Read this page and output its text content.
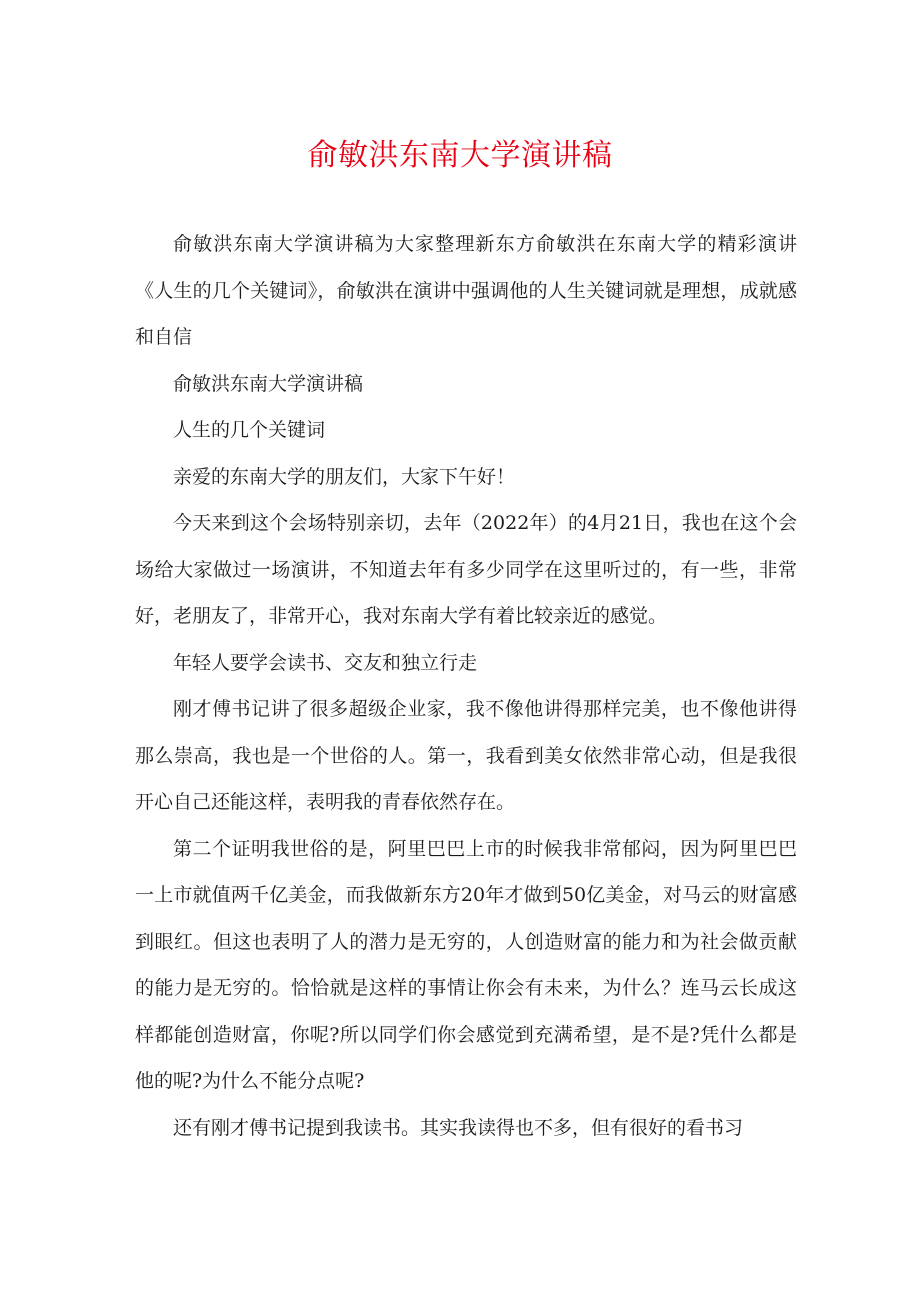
俞敏洪东南大学演讲稿

俞敏洪东南大学演讲稿为大家整理新东方俞敏洪在东南大学的精彩演讲《人生的几个关键词》，俞敏洪在演讲中强调他的人生关键词就是理想，成就感和自信

俞敏洪东南大学演讲稿

人生的几个关键词

亲爱的东南大学的朋友们，大家下午好！

今天来到这个会场特别亲切，去年（2022年）的4月21日，我也在这个会场给大家做过一场演讲，不知道去年有多少同学在这里听过的，有一些，非常好，老朋友了，非常开心，我对东南大学有着比较亲近的感觉。

年轻人要学会读书、交友和独立行走

刚才傅书记讲了很多超级企业家，我不像他讲得那样完美，也不像他讲得那么崇高，我也是一个世俗的人。第一，我看到美女依然非常心动，但是我很开心自己还能这样，表明我的青春依然存在。

第二个证明我世俗的是，阿里巴巴上市的时候我非常郁闷，因为阿里巴巴一上市就值两千亿美金，而我做新东方20年才做到50亿美金，对马云的财富感到眼红。但这也表明了人的潜力是无穷的，人创造财富的能力和为社会做贡献的能力是无穷的。恰恰就是这样的事情让你会有未来，为什么？连马云长成这样都能创造财富，你呢?所以同学们你会感觉到充满希望，是不是?凭什么都是他的呢?为什么不能分点呢?

还有刚才傅书记提到我读书。其实我读得也不多，但有很好的看书习
